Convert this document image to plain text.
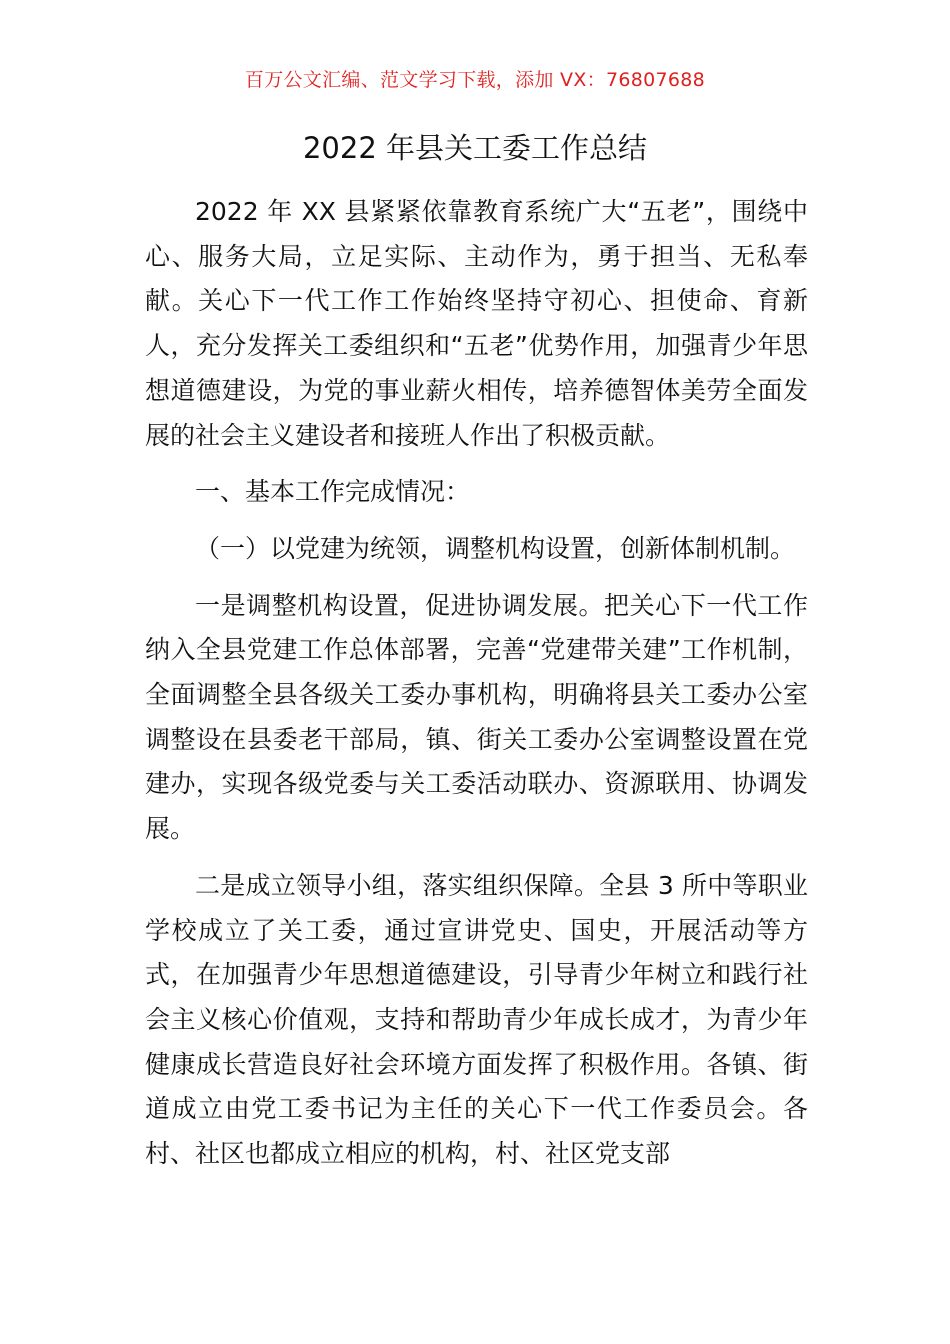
百万公文汇编、范文学习下载，添加 VX：76807688
2022 年县关工委工作总结

2022 年 XX 县紧紧依靠教育系统广大“五老”，围绕中心、服务大局，立足实际、主动作为，勇于担当、无私奉献。关心下一代工作工作始终坚持守初心、担使命、育新人，充分发挥关工委组织和“五老”优势作用，加强青少年思想道德建设，为党的事业薪火相传，培养德智体美劳全面发展的社会主义建设者和接班人作出了积极贡献。

一、基本工作完成情况：

（一）以党建为统领，调整机构设置，创新体制机制。

一是调整机构设置，促进协调发展。把关心下一代工作纳入全县党建工作总体部署，完善“党建带关建”工作机制，全面调整全县各级关工委办事机构，明确将县关工委办公室调整设在县委老干部局，镇、街关工委办公室调整设置在党建办，实现各级党委与关工委活动联办、资源联用、协调发展。

二是成立领导小组，落实组织保障。全县 3 所中等职业学校成立了关工委，通过宣讲党史、国史，开展活动等方式，在加强青少年思想道德建设，引导青少年树立和践行社会主义核心价值观，支持和帮助青少年成长成才，为青少年健康成长营造良好社会环境方面发挥了积极作用。各镇、街道成立由党工委书记为主任的关心下一代工作委员会。各村、社区也都成立相应的机构，村、社区党支部
